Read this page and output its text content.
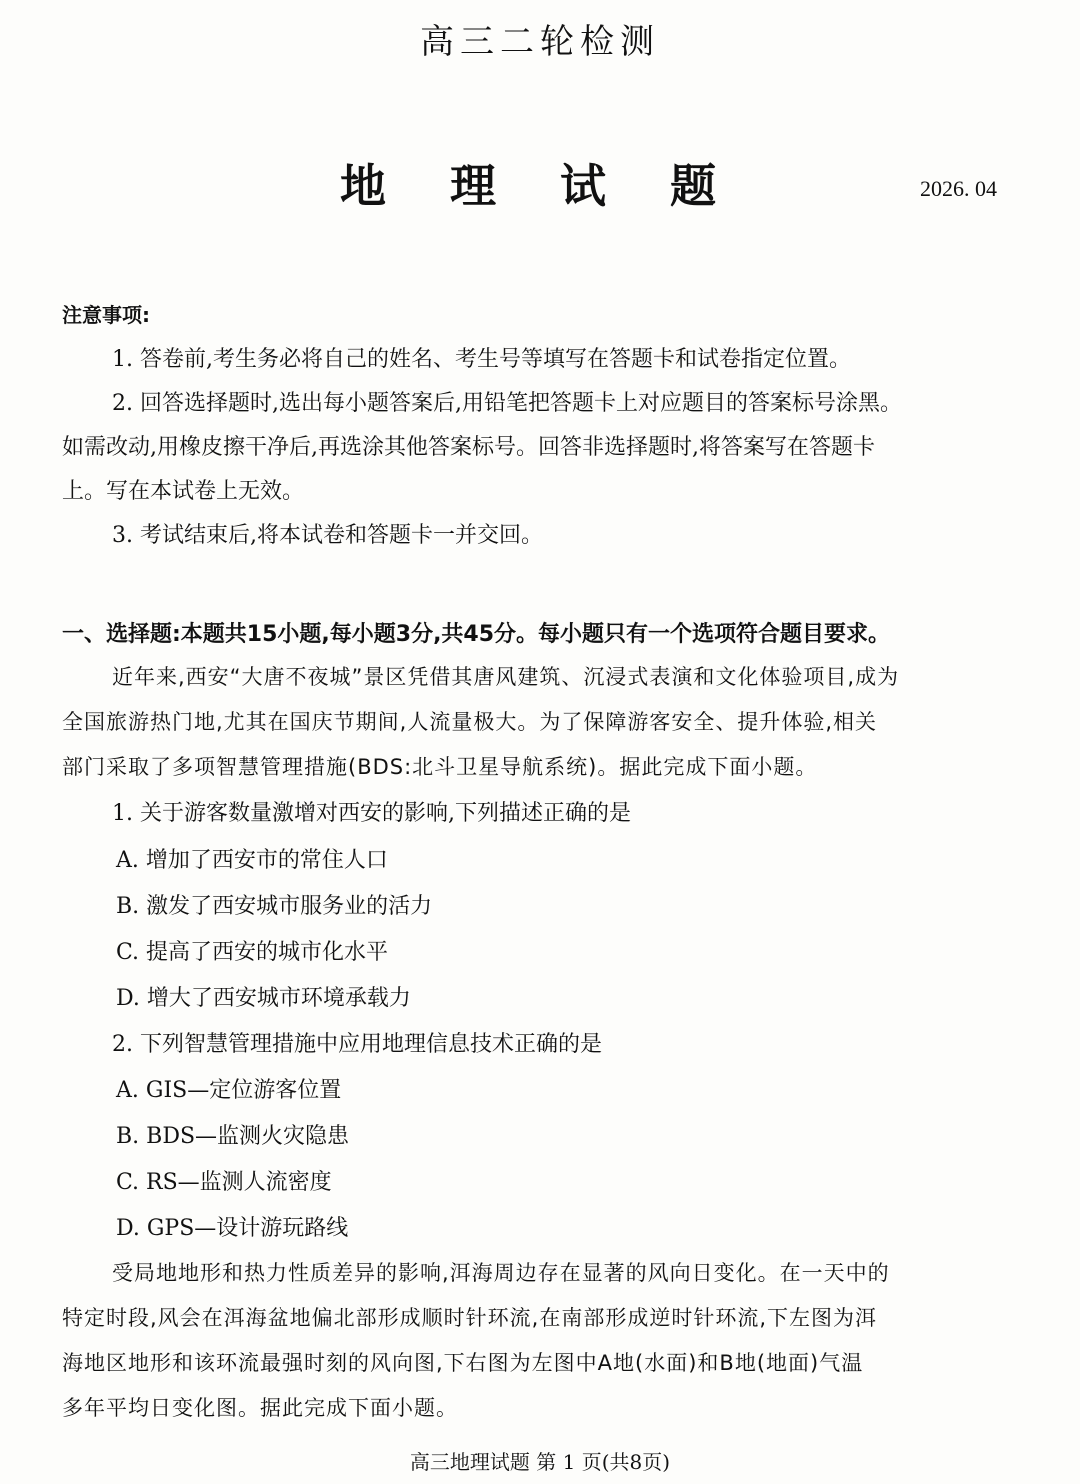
高三二轮检测
地 理 试 题	2026. 04
注意事项:
1. 答卷前,考生务必将自己的姓名、考生号等填写在答题卡和试卷指定位置。
2. 回答选择题时,选出每小题答案后,用铅笔把答题卡上对应题目的答案标号涂黑。
如需改动,用橡皮擦干净后,再选涂其他答案标号。回答非选择题时,将答案写在答题卡
上。写在本试卷上无效。
3. 考试结束后,将本试卷和答题卡一并交回。
一、选择题:本题共15小题,每小题3分,共45分。每小题只有一个选项符合题目要求。
近年来,西安“大唐不夜城”景区凭借其唐风建筑、沉浸式表演和文化体验项目,成为
全国旅游热门地,尤其在国庆节期间,人流量极大。为了保障游客安全、提升体验,相关
部门采取了多项智慧管理措施(BDS:北斗卫星导航系统)。据此完成下面小题。
1. 关于游客数量激增对西安的影响,下列描述正确的是
A. 增加了西安市的常住人口
B. 激发了西安城市服务业的活力
C. 提高了西安的城市化水平
D. 增大了西安城市环境承载力
2. 下列智慧管理措施中应用地理信息技术正确的是
A. GIS—定位游客位置
B. BDS—监测火灾隐患
C. RS—监测人流密度
D. GPS—设计游玩路线
受局地地形和热力性质差异的影响,洱海周边存在显著的风向日变化。在一天中的
特定时段,风会在洱海盆地偏北部形成顺时针环流,在南部形成逆时针环流,下左图为洱
海地区地形和该环流最强时刻的风向图,下右图为左图中A地(水面)和B地(地面)气温
多年平均日变化图。据此完成下面小题。
高三地理试题 第 1 页(共8页)
